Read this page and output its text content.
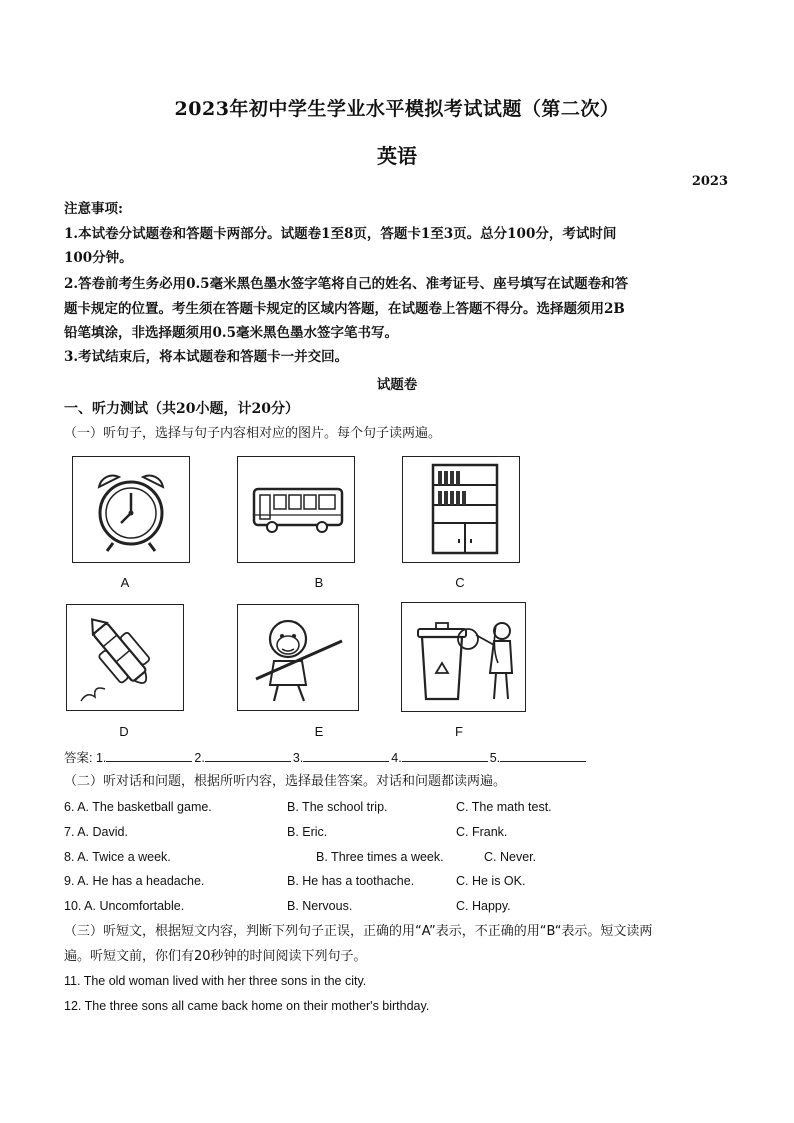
2023年初中学生学业水平模拟考试试题（第二次）
英语
2023
注意事项:
1.本试卷分试题卷和答题卡两部分。试题卷1至8页，答题卡1至3页。总分100分，考试时间
100分钟。
2.答卷前考生务必用0.5毫米黑色墨水签字笔将自己的姓名、准考证号、座号填写在试题卷和答
题卡规定的位置。考生须在答题卡规定的区域内答题，在试题卷上答题不得分。选择题须用2B
铅笔填涂，非选择题须用0.5毫米黑色墨水签字笔书写。
3.考试结束后，将本试题卷和答题卡一并交回。
试题卷
一、听力测试（共20小题，计20分）
（一）听句子，选择与句子内容相对应的图片。每个句子读两遍。
A	B	C
D	E	F
答案: 1.	2.	3.	4.	5.
（二）听对话和问题，根据所听内容，选择最佳答案。对话和问题都读两遍。
6. A. The basketball game.	B. The school trip.	C. The math test.
7. A. David.	B. Eric.	C. Frank.
8. A. Twice a week.	B. Three times a week.	C. Never.
9. A. He has a headache.	B. He has a toothache.	C. He is OK.
10. A. Uncomfortable.	B. Nervous.	C. Happy.
（三）听短文，根据短文内容，判断下列句子正误，正确的用“A”表示，不正确的用“B“表示。短文读两
遍。听短文前，你们有20秒钟的时间阅读下列句子。
11. The old woman lived with her three sons in the city.
12. The three sons all came back home on their mother's birthday.
